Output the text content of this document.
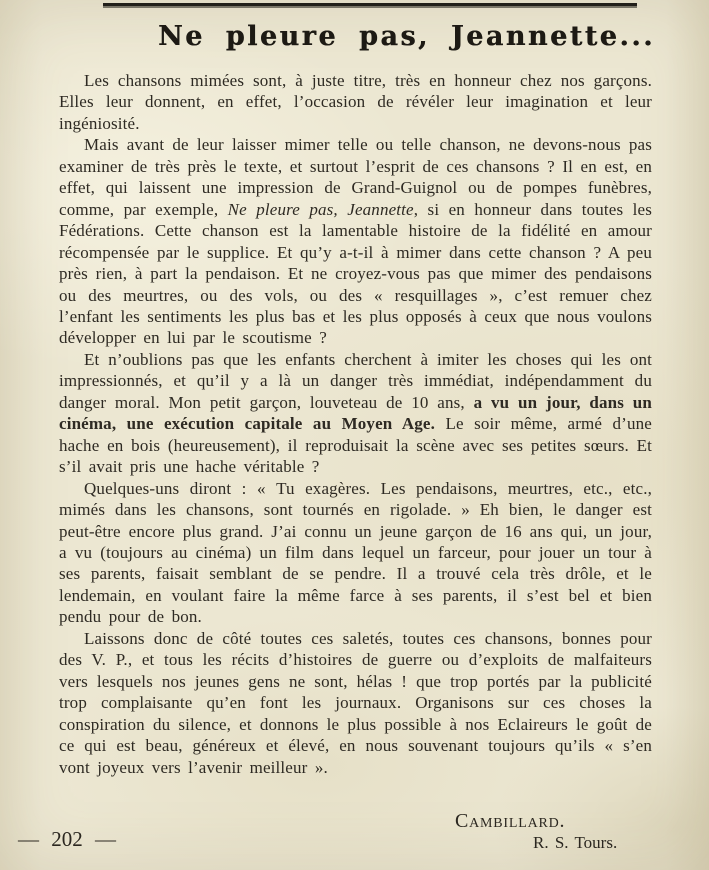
Ne pleure pas, Jeannette...

Les chansons mimées sont, à juste titre, très en honneur chez nos garçons. Elles leur donnent, en effet, l’occasion de révéler leur imagination et leur ingéniosité.

Mais avant de leur laisser mimer telle ou telle chanson, ne devons-nous pas examiner de très près le texte, et surtout l’esprit de ces chansons ? Il en est, en effet, qui laissent une impression de Grand-Guignol ou de pompes funèbres, comme, par exemple, Ne pleure pas, Jeannette, si en honneur dans toutes les Fédérations. Cette chanson est la lamentable histoire de la fidélité en amour récompensée par le supplice. Et qu’y a-t-il à mimer dans cette chanson ? A peu près rien, à part la pendaison. Et ne croyez-vous pas que mimer des pendaisons ou des meurtres, ou des vols, ou des « resquillages », c’est remuer chez l’enfant les sentiments les plus bas et les plus opposés à ceux que nous voulons développer en lui par le scoutisme ?

Et n’oublions pas que les enfants cherchent à imiter les choses qui les ont impressionnés, et qu’il y a là un danger très immédiat, indépendamment du danger moral. Mon petit garçon, louveteau de 10 ans, a vu un jour, dans un cinéma, une exécution capitale au Moyen Age. Le soir même, armé d’une hache en bois (heureusement), il reproduisait la scène avec ses petites sœurs. Et s’il avait pris une hache véritable ?

Quelques-uns diront : « Tu exagères. Les pendaisons, meurtres, etc., etc., mimés dans les chansons, sont tournés en rigolade. » Eh bien, le danger est peut-être encore plus grand. J’ai connu un jeune garçon de 16 ans qui, un jour, a vu (toujours au cinéma) un film dans lequel un farceur, pour jouer un tour à ses parents, faisait semblant de se pendre. Il a trouvé cela très drôle, et le lendemain, en voulant faire la même farce à ses parents, il s’est bel et bien pendu pour de bon.

Laissons donc de côté toutes ces saletés, toutes ces chansons, bonnes pour des V. P., et tous les récits d’histoires de guerre ou d’exploits de malfaiteurs vers lesquels nos jeunes gens ne sont, hélas ! que trop portés par la publicité trop complaisante qu’en font les journaux. Organisons sur ces choses la conspiration du silence, et donnons le plus possible à nos Eclaireurs le goût de ce qui est beau, généreux et élevé, en nous souvenant toujours qu’ils « s’en vont joyeux vers l’avenir meilleur ».

Cambillard.
R. S. Tours.
— 202 —
